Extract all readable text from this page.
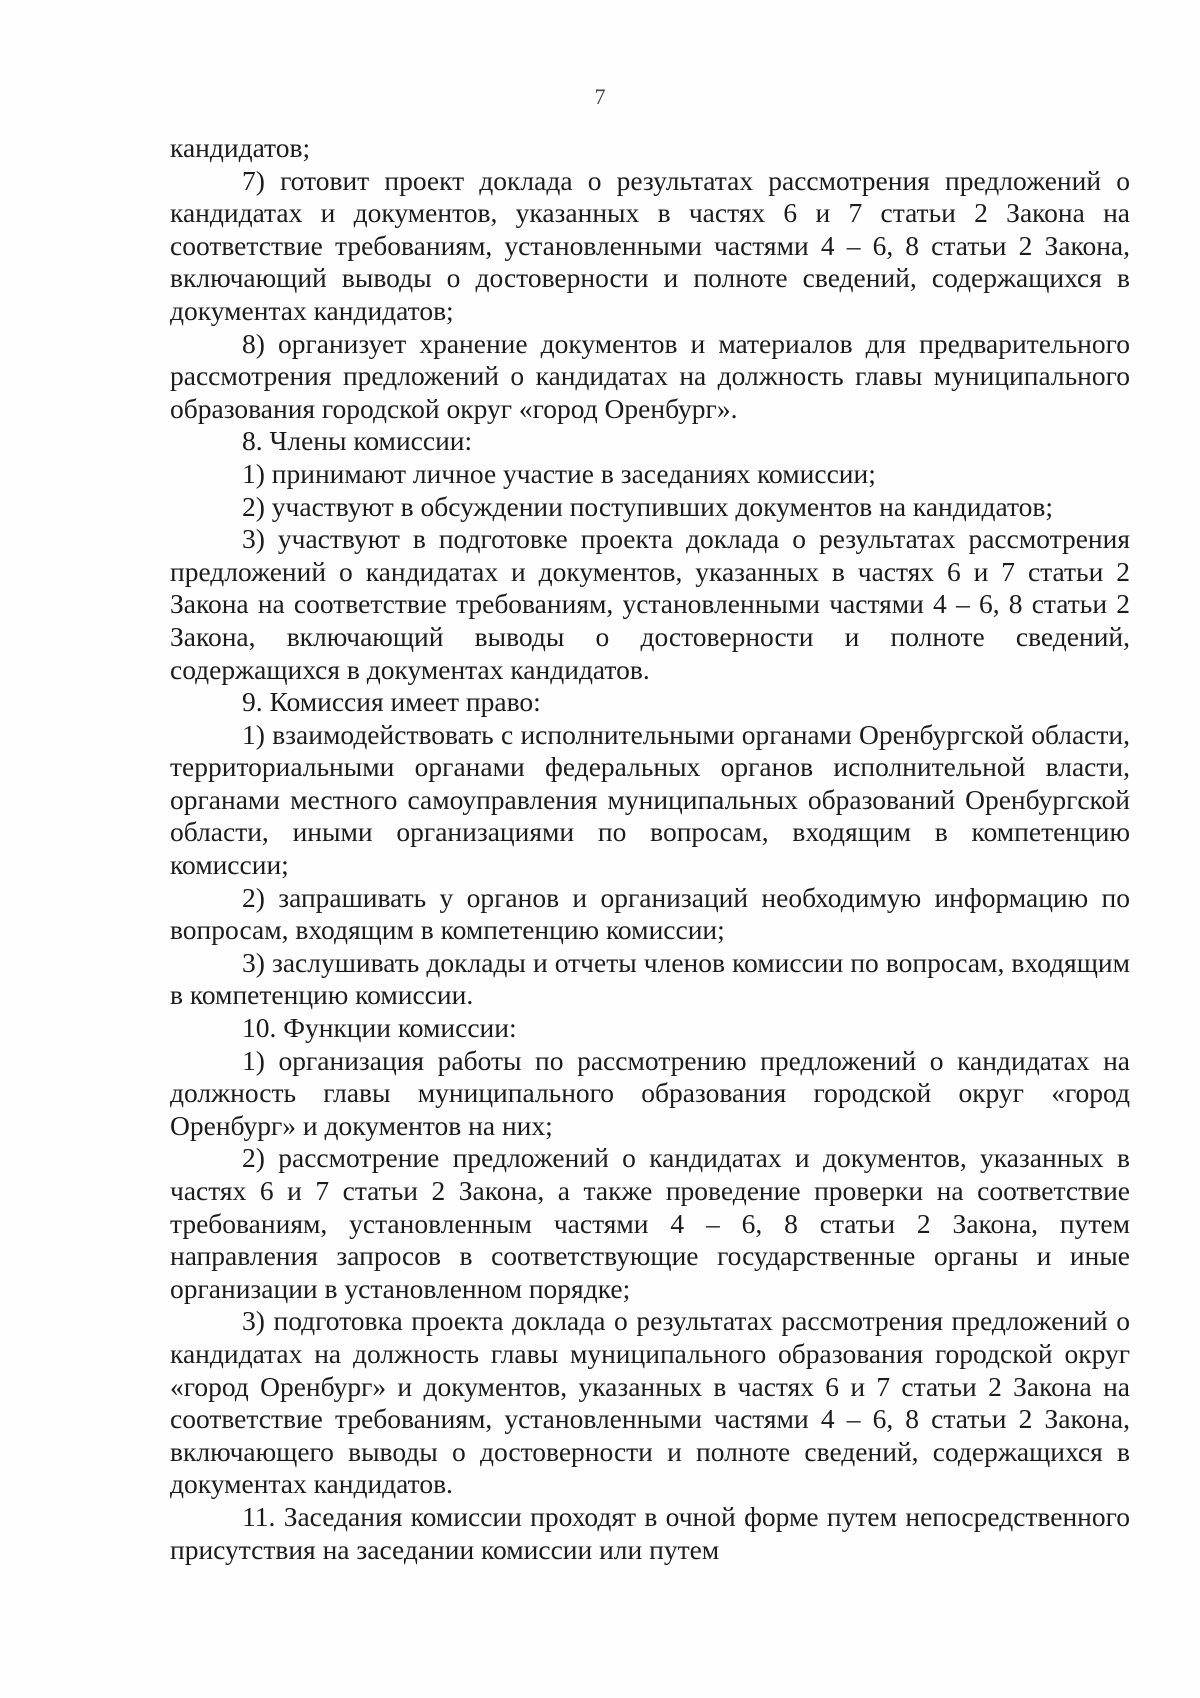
7

кандидатов;

7) готовит проект доклада о результатах рассмотрения предложений о кандидатах и документов, указанных в частях 6 и 7 статьи 2 Закона на соответствие требованиям, установленными частями 4 – 6, 8 статьи 2 Закона, включающий выводы о достоверности и полноте сведений, содержащихся в документах кандидатов;

8) организует хранение документов и материалов для предварительного рассмотрения предложений о кандидатах на должность главы муниципального образования городской округ «город Оренбург».

8. Члены комиссии:

1) принимают личное участие в заседаниях комиссии;

2) участвуют в обсуждении поступивших документов на кандидатов;

3) участвуют в подготовке проекта доклада о результатах рассмотрения предложений о кандидатах и документов, указанных в частях 6 и 7 статьи 2 Закона на соответствие требованиям, установленными частями 4 – 6, 8 статьи 2 Закона, включающий выводы о достоверности и полноте сведений, содержащихся в документах кандидатов.

9. Комиссия имеет право:

1) взаимодействовать с исполнительными органами Оренбургской области, территориальными органами федеральных органов исполнительной власти, органами местного самоуправления муниципальных образований Оренбургской области, иными организациями по вопросам, входящим в компетенцию комиссии;

2) запрашивать у органов и организаций необходимую информацию по вопросам, входящим в компетенцию комиссии;

3) заслушивать доклады и отчеты членов комиссии по вопросам, входящим в компетенцию комиссии.

10. Функции комиссии:

1) организация работы по рассмотрению предложений о кандидатах на должность главы муниципального образования городской округ «город Оренбург» и документов на них;

2) рассмотрение предложений о кандидатах и документов, указанных в частях 6 и 7 статьи 2 Закона, а также проведение проверки на соответствие требованиям, установленным частями 4 – 6, 8 статьи 2 Закона, путем направления запросов в соответствующие государственные органы и иные организации в установленном порядке;

3) подготовка проекта доклада о результатах рассмотрения предложений о кандидатах на должность главы муниципального образования городской округ «город Оренбург» и документов, указанных в частях 6 и 7 статьи 2 Закона на соответствие требованиям, установленными частями 4 – 6, 8 статьи 2 Закона, включающего выводы о достоверности и полноте сведений, содержащихся в документах кандидатов.

11. Заседания комиссии проходят в очной форме путем непосредственного присутствия на заседании комиссии или путем
